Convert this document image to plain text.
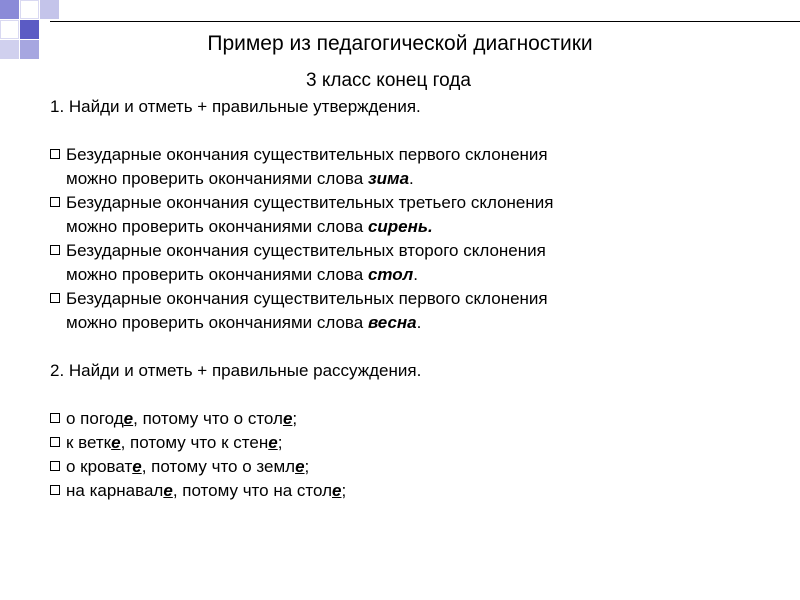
Пример из педагогической диагностики
3 класс конец года

1. Найди и отметь + правильные утверждения.

Безударные окончания существительных первого склонения
можно проверить окончаниями слова зима.
Безударные окончания существительных третьего склонения
можно проверить окончаниями слова сирень.
Безударные окончания существительных второго склонения
можно проверить окончаниями слова стол.
Безударные окончания существительных первого склонения
можно проверить окончаниями слова весна.

2. Найди и отметь + правильные рассуждения.

о погоде, потому что о столе;

к ветке, потому что к стене;

о кровате, потому что о земле;

на карнавале, потому что на столе;
